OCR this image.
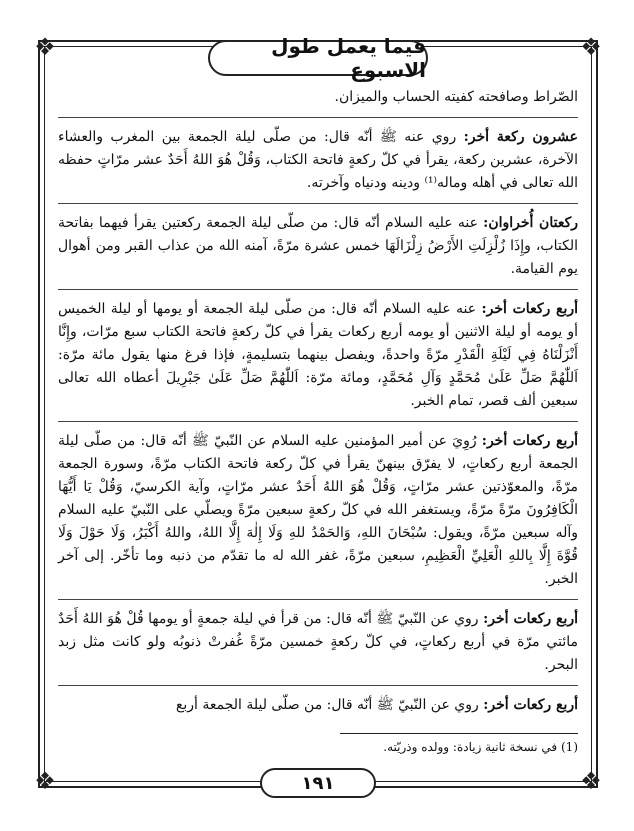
❖	❖
❖	❖
فيما يعمل طول الاسبوع

الصّراط وصافحته كفيته الحساب والميزان.

عشرون ركعة أخر: روي عنه ﷺ أنّه قال: من صلّى ليلة الجمعة بين المغرب والعشاء الآخرة، عشرين ركعة، يقرأ في كلّ ركعةٍ فاتحة الكتاب، وَقُلْ هُوَ اللهُ أَحَدٌ عشر مرّاتٍ حفظه الله تعالى في أهله وماله⁽¹⁾ ودينه ودنياه وآخرته.

ركعتان أُخراوان: عنه عليه السلام أنّه قال: من صلّى ليلة الجمعة ركعتين يقرأ فيهما بفاتحة الكتاب، وإِذَا زُلْزِلَتِ الأَرْضُ زِلْزَالَهَا خمس عشرة مرّةً، آمنه الله من عذاب القبر ومن أهوال يوم القيامة.

أربع ركعات أخر: عنه عليه السلام أنّه قال: من صلّى ليلة الجمعة أو يومها أو ليلة الخميس أو يومه أو ليلة الاثنين أو يومه أربع ركعات يقرأ في كلّ ركعةٍ فاتحة الكتاب سبع مرّات، وإِنَّا أَنْزَلْنَاهُ فِي لَيْلَةِ الْقَدْرِ مرّةً واحدةً، ويفصل بينهما بتسليمةٍ، فإذا فرغ منها يقول مائة مرّة: اَللّٰهُمَّ صَلِّ عَلَىٰ مُحَمَّدٍ وَآلِ مُحَمَّدٍ، ومائة مرّة: اَللّٰهُمَّ صَلِّ عَلَىٰ جَبْرِيلَ أعطاه الله تعالى سبعين ألف قصر، تمام الخبر.

أربع ركعات أخر: رُوِيَ عن أمير المؤمنين عليه السلام عن النّبيّ ﷺ أنّه قال: من صلّى ليلة الجمعة أربع ركعاتٍ، لا يفرّق بينهنّ يقرأ في كلّ ركعة فاتحة الكتاب مرّةً، وسورة الجمعة مرّةً، والمعوّذتين عشر مرّاتٍ، وَقُلْ هُوَ اللهُ أَحَدٌ عشر مرّاتٍ، وآية الكرسيّ، وَقُلْ يَا أَيُّهَا الْكَافِرُونَ مرّةً مرّةً، ويستغفر الله في كلّ ركعةٍ سبعين مرّةً ويصلّي على النّبيّ عليه السلام وآله سبعين مرّةً، ويقول: سُبْحَانَ اللهِ، وَالحَمْدُ للهِ وَلَا إِلٰهَ إِلَّا اللهُ، واللهُ أَكْبَرُ، وَلَا حَوْلَ وَلَا قُوَّةَ إِلَّا بِاللهِ الْعَلِيِّ الْعَظِيمِ، سبعين مرّةً، غفر الله له ما تقدّم من ذنبه وما تأخّر. إلى آخر الخبر.

أربع ركعات أخر: روي عن النّبيّ ﷺ أنّه قال: من قرأ في ليلة جمعةٍ أو يومها قُلْ هُوَ اللهُ أَحَدٌ مائتي مرّة في أربع ركعاتٍ، في كلّ ركعةٍ خمسين مرّةً غُفرتْ ذنوبُه ولو كانت مثل زبد البحر.

أربع ركعات أخر: روي عن النّبيّ ﷺ أنّه قال: من صلّى ليلة الجمعة أربع

(1) في نسخة ثانية زيادة: وولده وذريّته.
١٩١
